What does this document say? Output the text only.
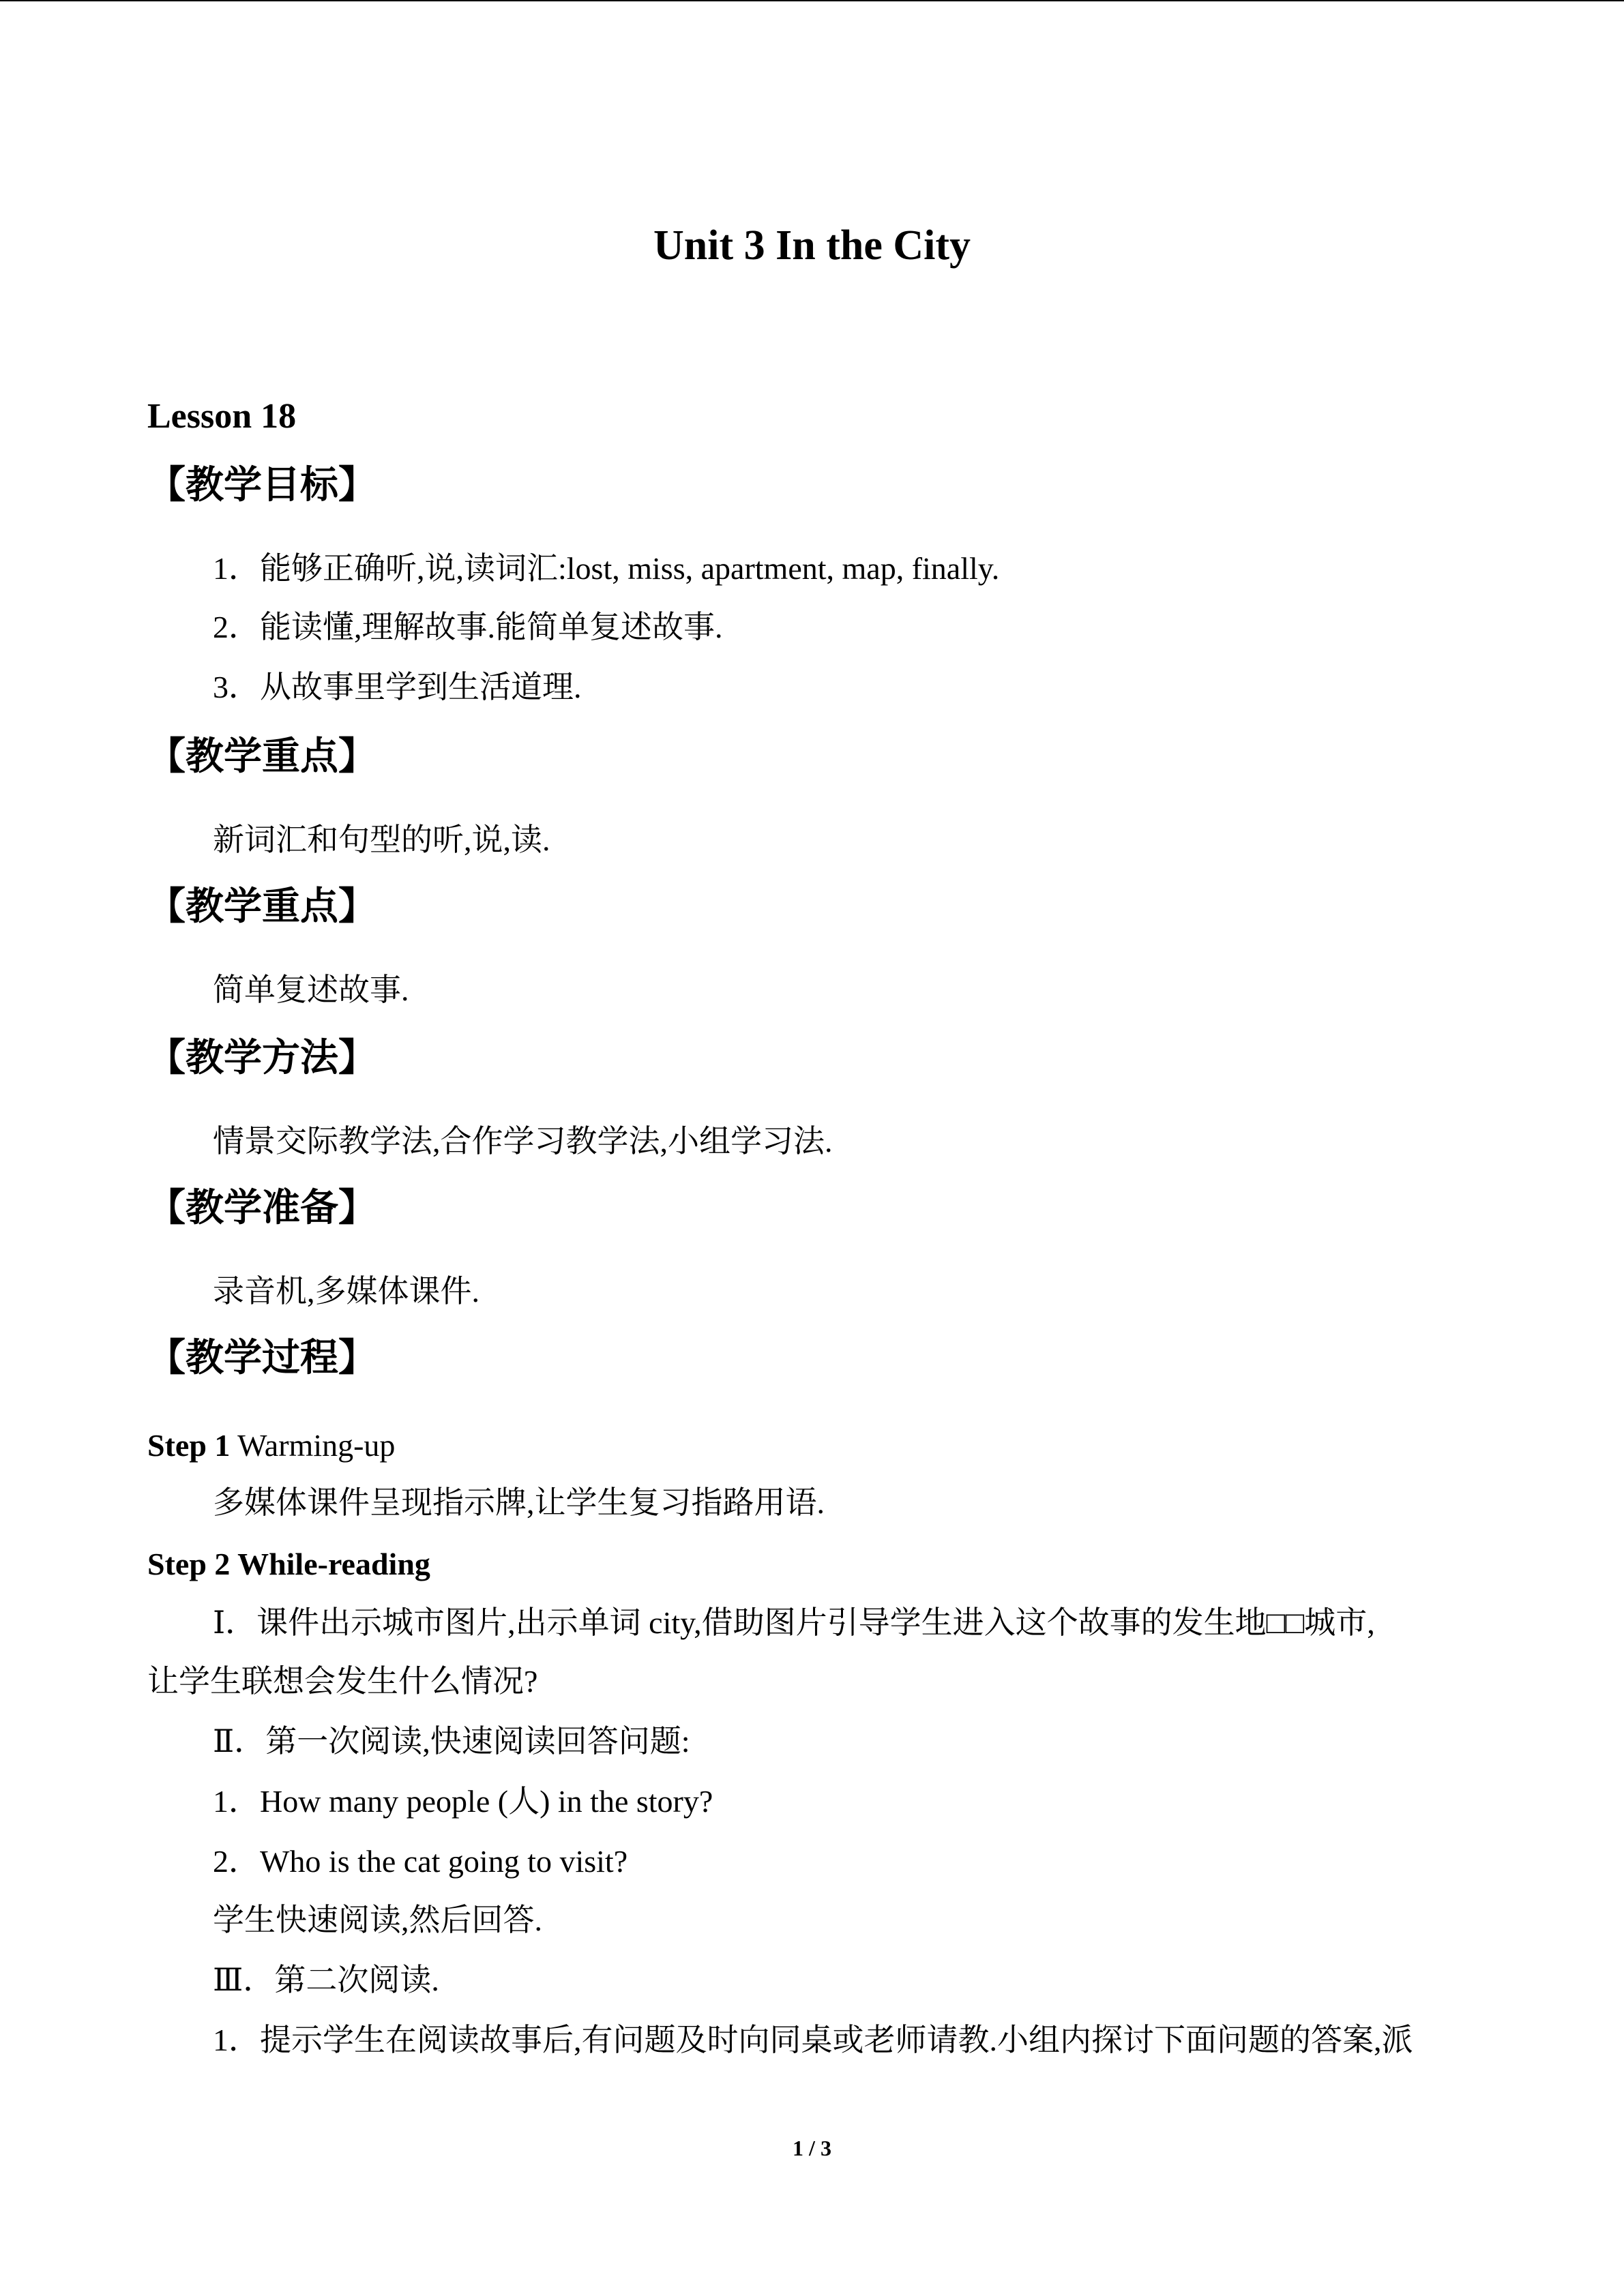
Unit 3 In the City
Lesson 18
【教学目标】
1．能够正确听,说,读词汇:lost, miss, apartment, map, finally.
2．能读懂,理解故事.能简单复述故事.
3．从故事里学到生活道理.
【教学重点】
新词汇和句型的听,说,读.
【教学重点】
简单复述故事.
【教学方法】
情景交际教学法,合作学习教学法,小组学习法.
【教学准备】
录音机,多媒体课件.
【教学过程】
Step 1 Warming-up
多媒体课件呈现指示牌,让学生复习指路用语.
Step 2 While-reading
Ⅰ．课件出示城市图片,出示单词 city,借助图片引导学生进入这个故事的发生地□□城市,
让学生联想会发生什么情况?
Ⅱ．第一次阅读,快速阅读回答问题:
1．How many people (人) in the story?
2．Who is the cat going to visit?
学生快速阅读,然后回答.
Ⅲ．第二次阅读.
1．提示学生在阅读故事后,有问题及时向同桌或老师请教.小组内探讨下面问题的答案,派
1 / 3
